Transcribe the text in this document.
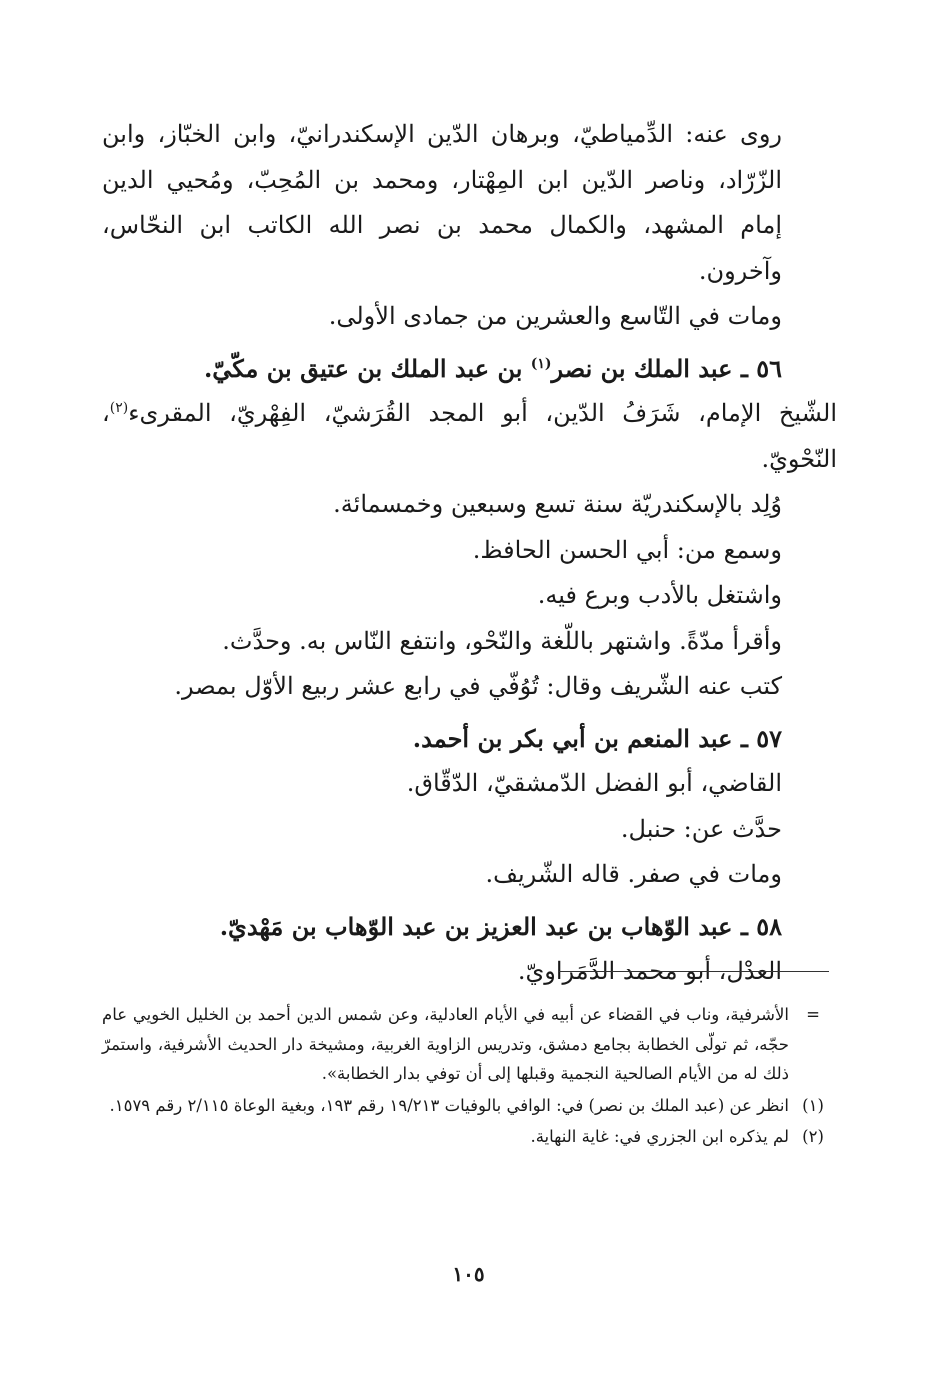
روى عنه: الدِّمياطيّ، وبرهان الدّين الإسكندرانيّ، وابن الخبّاز، وابن الزّرّاد، وناصر الدّين ابن المِهْتار، ومحمد بن المُحِبّ، ومُحيي الدين إمام المشهد، والكمال محمد بن نصر الله الكاتب ابن النحّاس، وآخرون.

ومات في التّاسع والعشرين من جمادى الأولى.

٥٦ ـ عبد الملك بن نصر$^{(١)}$ بن عبد الملك بن عتيق بن مكّيّ.

الشّيخ الإمام، شَرَفُ الدّين، أبو المجد القُرَشيّ، الفِهْريّ، المقرىء$^{(٢)}$، النّحْويّ.

وُلِد بالإسكندريّة سنة تسع وسبعين وخمسمائة.

وسمع من: أبي الحسن الحافظ.

واشتغل بالأدب وبرع فيه.

وأقرأ مدّةً. واشتهر باللّغة والنّحْو، وانتفع النّاس به. وحدَّث.

كتب عنه الشّريف وقال: تُوُفّي في رابع عشر ربيع الأوّل بمصر.

٥٧ ـ عبد المنعم بن أبي بكر بن أحمد.

القاضي، أبو الفضل الدّمشقيّ، الدّقّاق.

حدَّث عن: حنبل.

ومات في صفر. قاله الشّريف.

٥٨ ـ عبد الوّهاب بن عبد العزيز بن عبد الوّهاب بن مَهْديّ.

العدْل، أبو محمد الدَّمَراويّ.

=
الأشرفية، وناب في القضاء عن أبيه في الأيام العادلية، وعن شمس الدين أحمد بن الخليل الخويي عام حجّه، ثم تولّى الخطابة بجامع دمشق، وتدريس الزاوية الغربية، ومشيخة دار الحديث الأشرفية، واستمرّ ذلك له من الأيام الصالحية النجمية وقبلها إلى أن توفي بدار الخطابة».
(١)
انظر عن (عبد الملك بن نصر) في: الوافي بالوفيات ١٩/٢١٣ رقم ١٩٣، وبغية الوعاة ٢/١١٥ رقم ١٥٧٩.
(٢)
لم يذكره ابن الجزري في: غاية النهاية.
١٠٥
